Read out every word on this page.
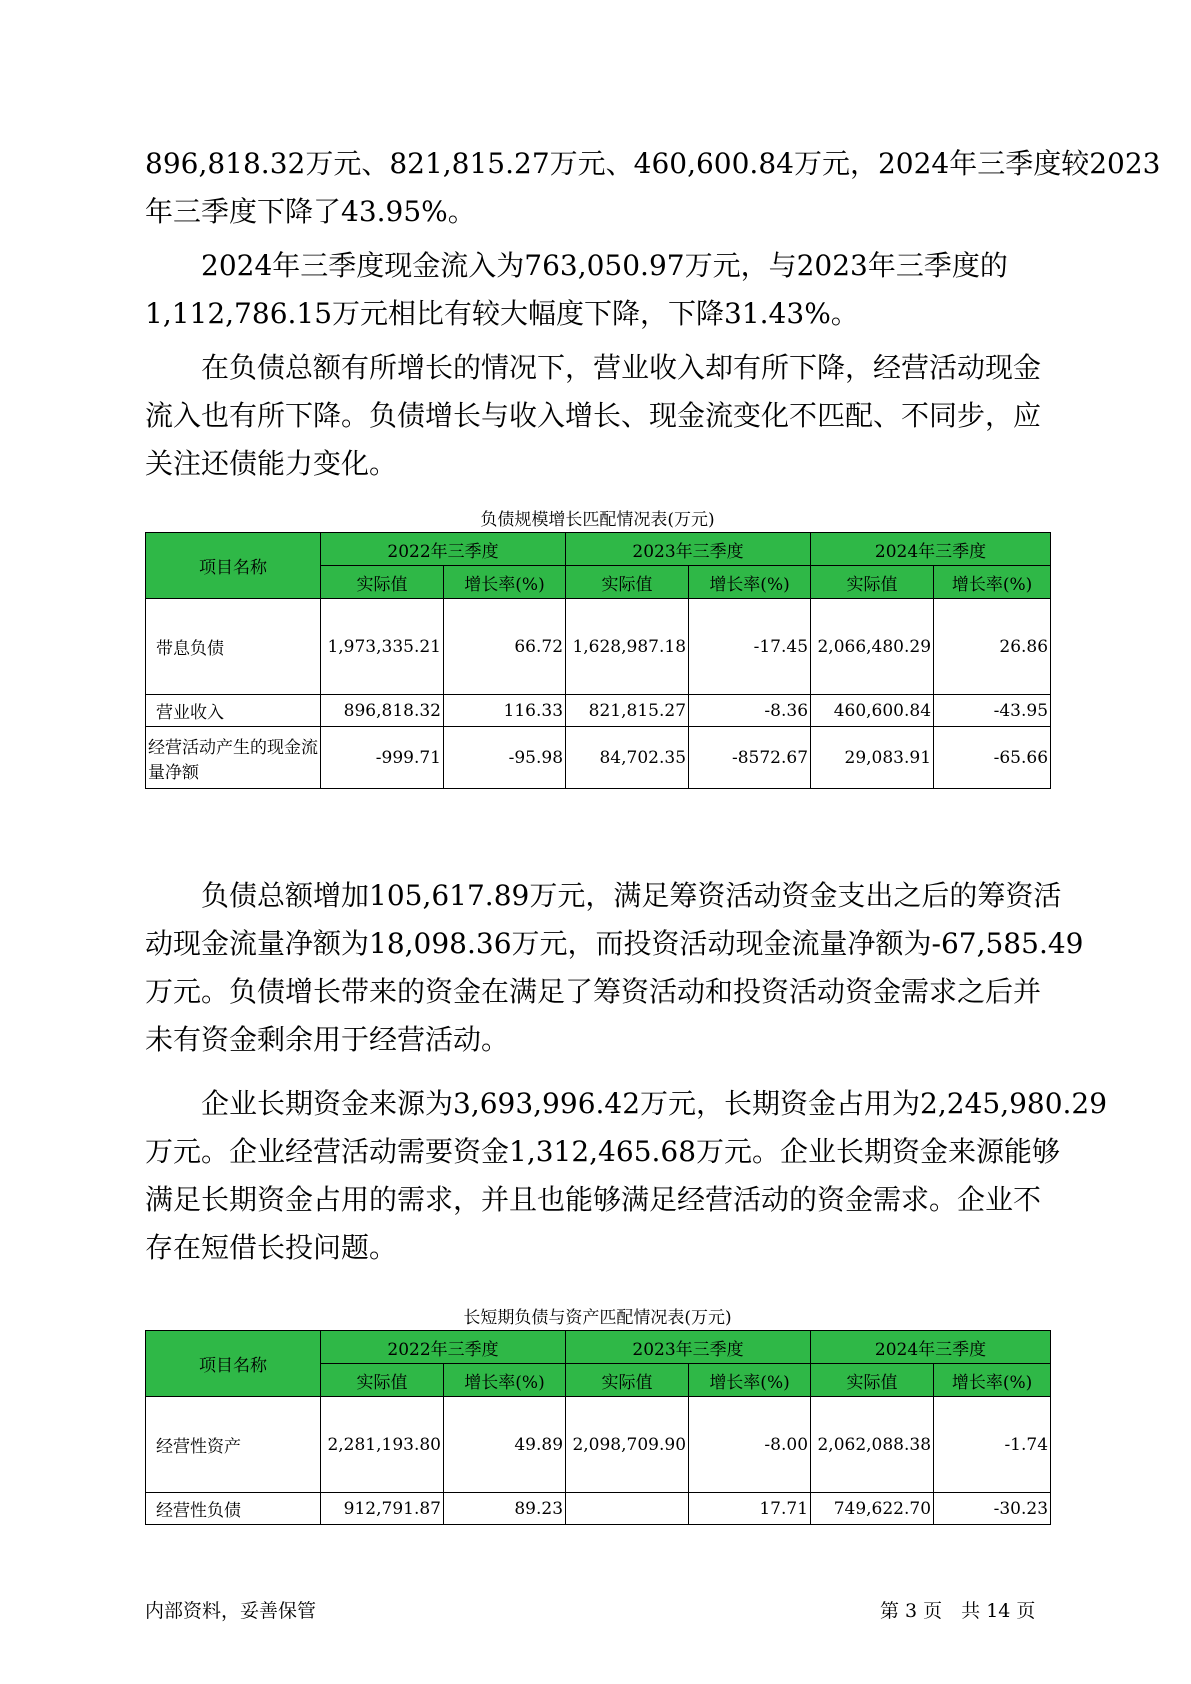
896,818.32万元、821,815.27万元、460,600.84万元，2024年三季度较2023
年三季度下降了43.95%。

2024年三季度现金流入为763,050.97万元，与2023年三季度的
1,112,786.15万元相比有较大幅度下降，下降31.43%。

在负债总额有所增长的情况下，营业收入却有所下降，经营活动现金
流入也有所下降。负债增长与收入增长、现金流变化不匹配、不同步，应
关注还债能力变化。

负债规模增长匹配情况表(万元)
项目名称	2022年三季度		2023年三季度		2024年三季度	
	实际值	增长率(%)	实际值	增长率(%)	实际值	增长率(%)
带息负债	1,973,335.21	66.72	1,628,987.18	-17.45	2,066,480.29	26.86
营业收入	896,818.32	116.33	821,815.27	-8.36	460,600.84	-43.95
经营活动产生的现金流量净额	-999.71	-95.98	84,702.35	-8572.67	29,083.91	-65.66

负债总额增加105,617.89万元，满足筹资活动资金支出之后的筹资活
动现金流量净额为18,098.36万元，而投资活动现金流量净额为-67,585.49
万元。负债增长带来的资金在满足了筹资活动和投资活动资金需求之后并
未有资金剩余用于经营活动。

企业长期资金来源为3,693,996.42万元，长期资金占用为2,245,980.29
万元。企业经营活动需要资金1,312,465.68万元。企业长期资金来源能够
满足长期资金占用的需求，并且也能够满足经营活动的资金需求。企业不
存在短借长投问题。

长短期负债与资产匹配情况表(万元)
项目名称	2022年三季度		2023年三季度		2024年三季度	
	实际值	增长率(%)	实际值	增长率(%)	实际值	增长率(%)
经营性资产	2,281,193.80	49.89	2,098,709.90	-8.00	2,062,088.38	-1.74
经营性负债	912,791.87	89.23		17.71	749,622.70	-30.23
内部资料，妥善保管	第 3 页　共 14 页
